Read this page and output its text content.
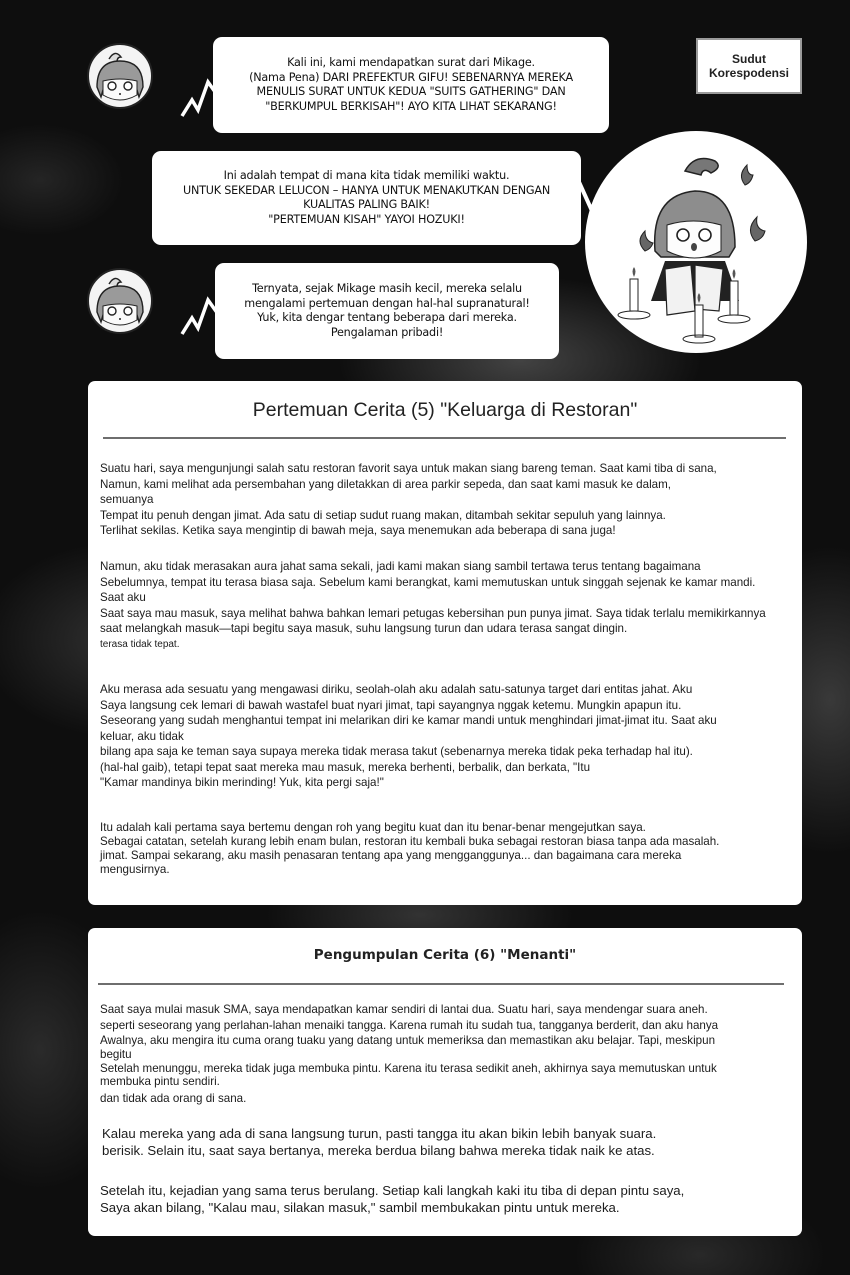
Kali ini, kami mendapatkan surat dari Mikage.
(Nama Pena) DARI PREFEKTUR GIFU! SEBENARNYA MEREKA
MENULIS SURAT UNTUK KEDUA "SUITS GATHERING" DAN
"BERKUMPUL BERKISAH"! AYO KITA LIHAT SEKARANG!
Sudut
Korespodensi
Ini adalah tempat di mana kita tidak memiliki waktu.
UNTUK SEKEDAR LELUCON – HANYA UNTUK MENAKUTKAN DENGAN
KUALITAS PALING BAIK!
"PERTEMUAN KISAH" YAYOI HOZUKI!
Ternyata, sejak Mikage masih kecil, mereka selalu
mengalami pertemuan dengan hal-hal supranatural!
Yuk, kita dengar tentang beberapa dari mereka.
Pengalaman pribadi!
Pertemuan Cerita (5) "Keluarga di Restoran"
Suatu hari, saya mengunjungi salah satu restoran favorit saya untuk makan siang bareng teman. Saat kami tiba di sana,
Namun, kami melihat ada persembahan yang diletakkan di area parkir sepeda, dan saat kami masuk ke dalam,
semuanya
Tempat itu penuh dengan jimat. Ada satu di setiap sudut ruang makan, ditambah sekitar sepuluh yang lainnya.
Terlihat sekilas. Ketika saya mengintip di bawah meja, saya menemukan ada beberapa di sana juga!
Namun, aku tidak merasakan aura jahat sama sekali, jadi kami makan siang sambil tertawa terus tentang bagaimana
Sebelumnya, tempat itu terasa biasa saja. Sebelum kami berangkat, kami memutuskan untuk singgah sejenak ke kamar mandi.
Saat aku
Saat saya mau masuk, saya melihat bahwa bahkan lemari petugas kebersihan pun punya jimat. Saya tidak terlalu memikirkannya
saat melangkah masuk—tapi begitu saya masuk, suhu langsung turun dan udara terasa sangat dingin.
terasa tidak tepat.
Aku merasa ada sesuatu yang mengawasi diriku, seolah-olah aku adalah satu-satunya target dari entitas jahat. Aku
Saya langsung cek lemari di bawah wastafel buat nyari jimat, tapi sayangnya nggak ketemu. Mungkin apapun itu.
Seseorang yang sudah menghantui tempat ini melarikan diri ke kamar mandi untuk menghindari jimat-jimat itu. Saat aku
keluar, aku tidak
bilang apa saja ke teman saya supaya mereka tidak merasa takut (sebenarnya mereka tidak peka terhadap hal itu).
(hal-hal gaib), tetapi tepat saat mereka mau masuk, mereka berhenti, berbalik, dan berkata, "Itu
"Kamar mandinya bikin merinding! Yuk, kita pergi saja!"
Itu adalah kali pertama saya bertemu dengan roh yang begitu kuat dan itu benar-benar mengejutkan saya.
Sebagai catatan, setelah kurang lebih enam bulan, restoran itu kembali buka sebagai restoran biasa tanpa ada masalah.
jimat. Sampai sekarang, aku masih penasaran tentang apa yang mengganggunya... dan bagaimana cara mereka
mengusirnya.
Pengumpulan Cerita (6) "Menanti"
Saat saya mulai masuk SMA, saya mendapatkan kamar sendiri di lantai dua. Suatu hari, saya mendengar suara aneh.
seperti seseorang yang perlahan-lahan menaiki tangga. Karena rumah itu sudah tua, tangganya berderit, dan aku hanya
Awalnya, aku mengira itu cuma orang tuaku yang datang untuk memeriksa dan memastikan aku belajar. Tapi, meskipun
begitu
Setelah menunggu, mereka tidak juga membuka pintu. Karena itu terasa sedikit aneh, akhirnya saya memutuskan untuk
membuka pintu sendiri.
dan tidak ada orang di sana.
Kalau mereka yang ada di sana langsung turun, pasti tangga itu akan bikin lebih banyak suara.
berisik. Selain itu, saat saya bertanya, mereka berdua bilang bahwa mereka tidak naik ke atas.
Setelah itu, kejadian yang sama terus berulang. Setiap kali langkah kaki itu tiba di depan pintu saya,
Saya akan bilang, "Kalau mau, silakan masuk," sambil membukakan pintu untuk mereka.
